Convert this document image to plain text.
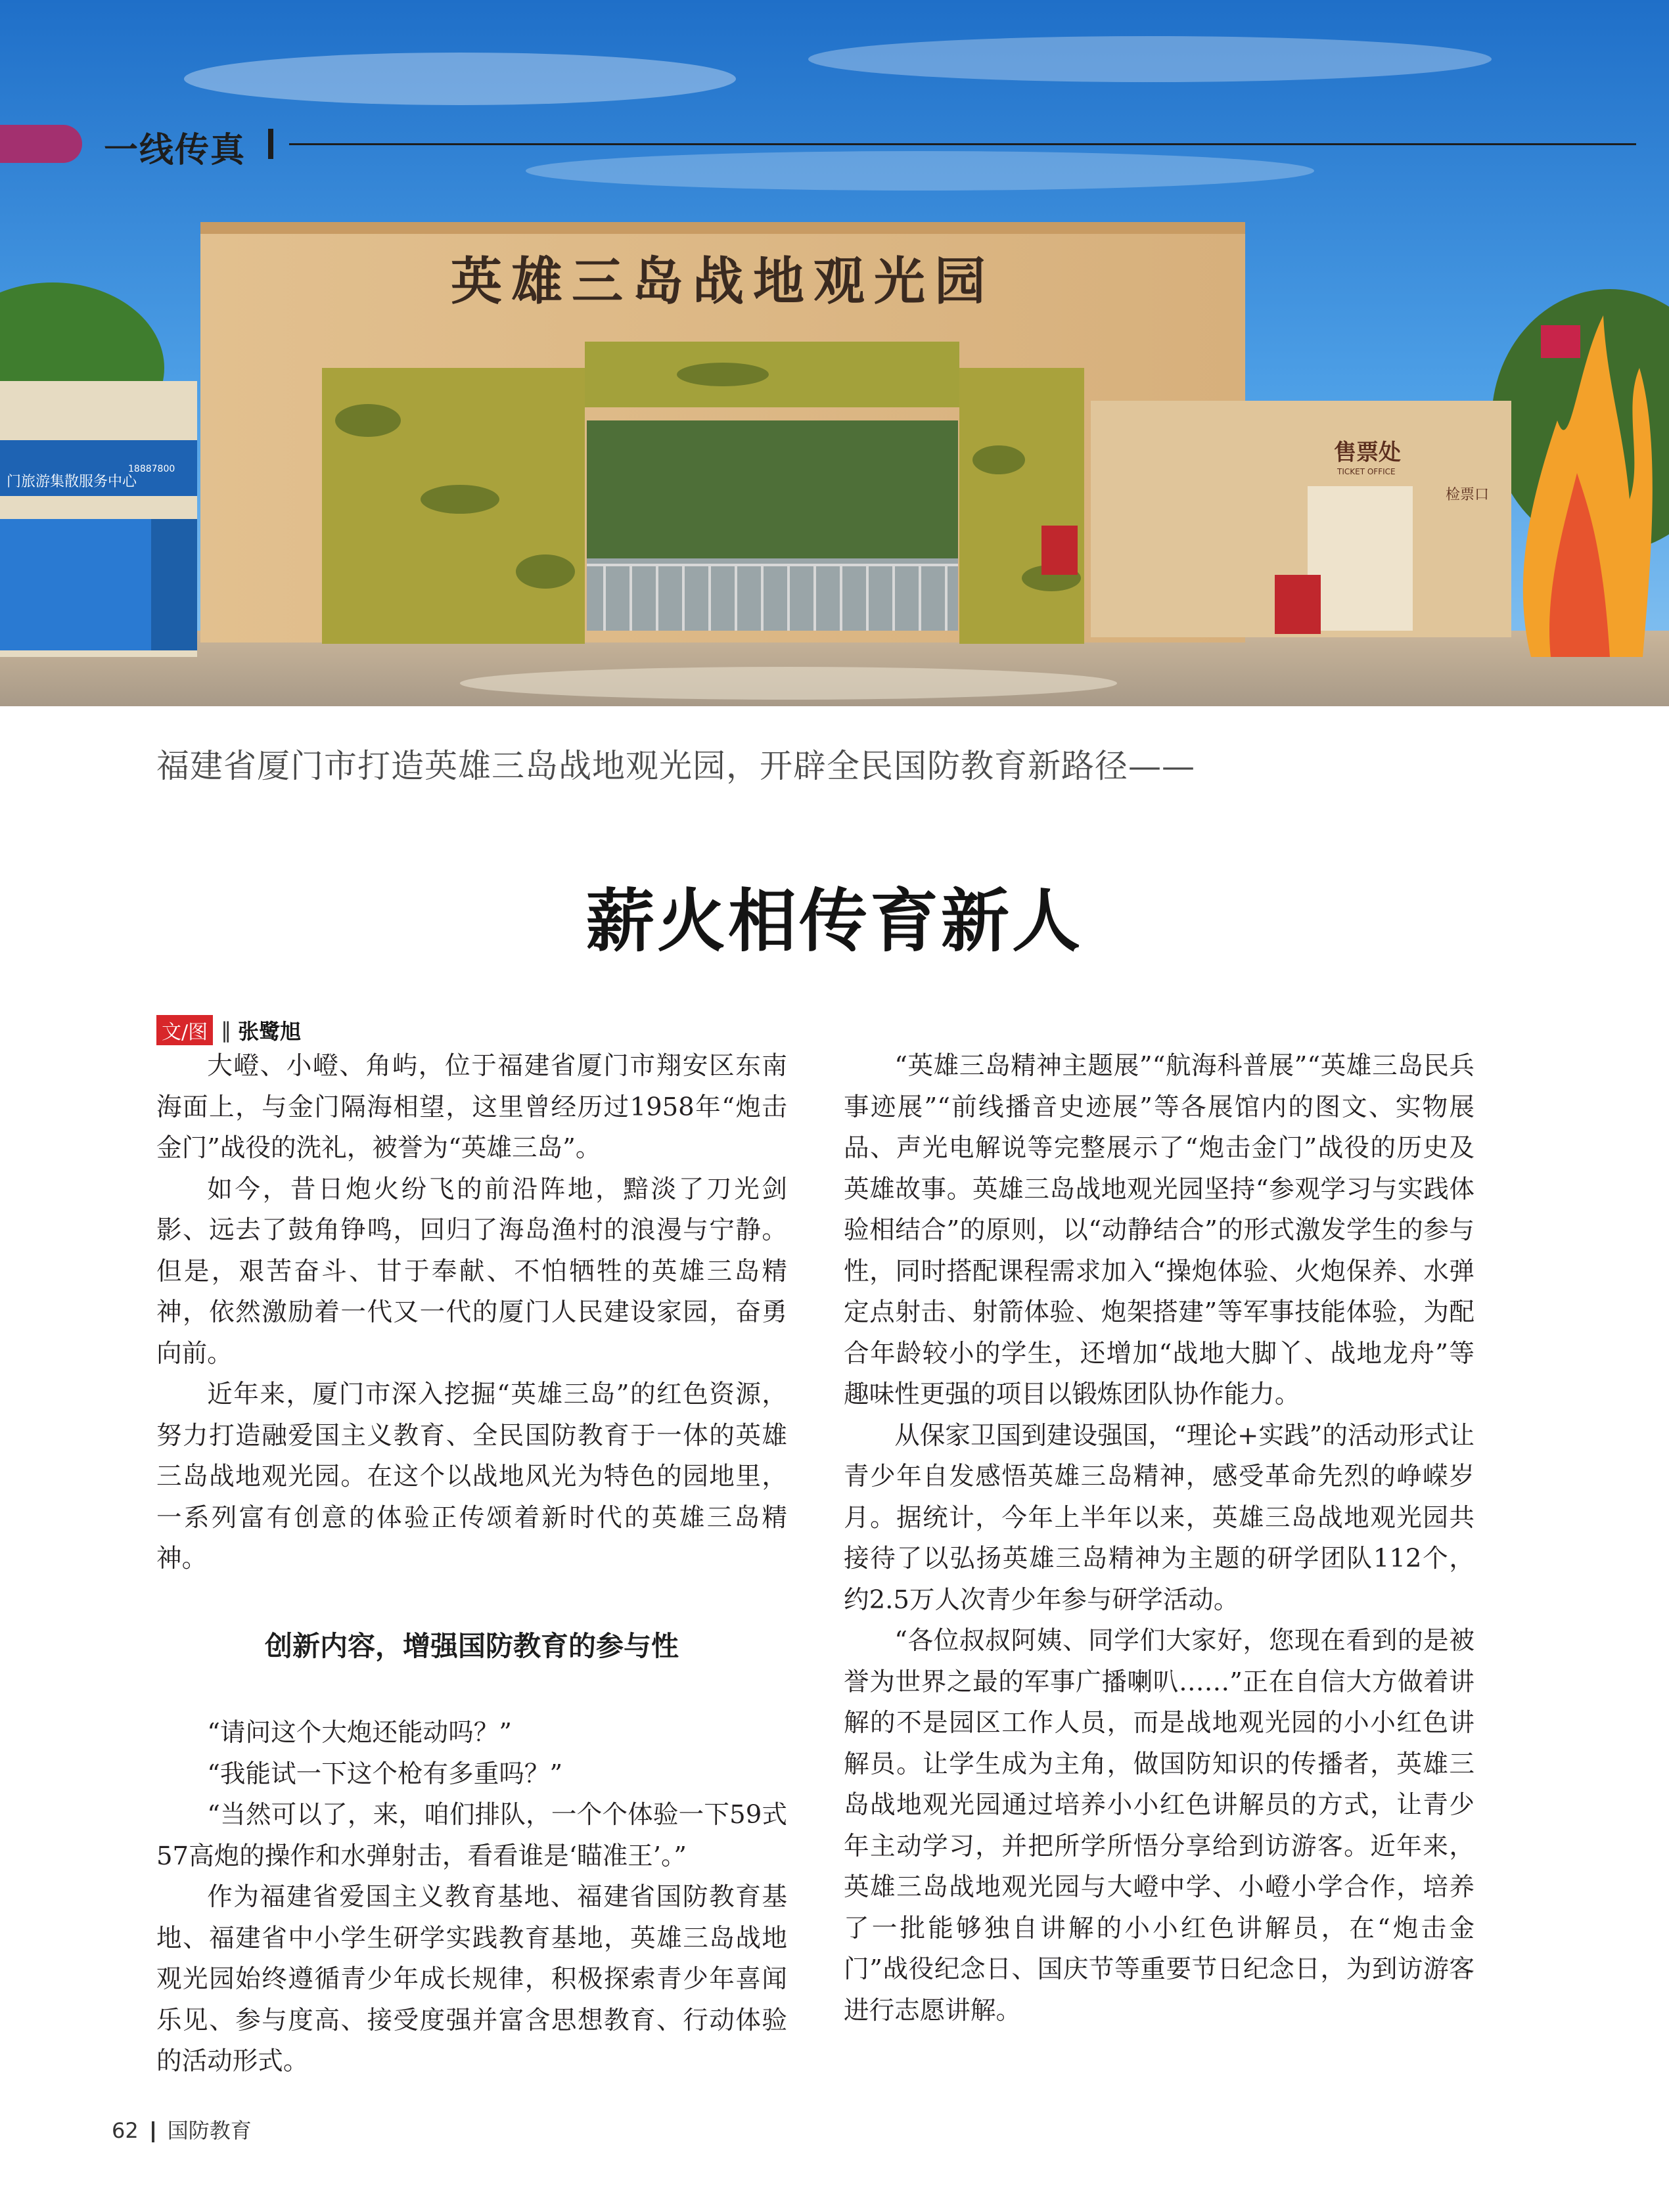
门旅游集散服务中心
18887800
英雄三岛战地观光园
售票处
TICKET OFFICE
检票口
一线传真
福建省厦门市打造英雄三岛战地观光园，开辟全民国防教育新路径——
薪火相传育新人
文/图 ‖ 张鹭旭

大嶝、小嶝、角屿，位于福建省厦门市翔安区东南海面上，与金门隔海相望，这里曾经历过1958年“炮击金门”战役的洗礼，被誉为“英雄三岛”。

如今，昔日炮火纷飞的前沿阵地，黯淡了刀光剑影、远去了鼓角铮鸣，回归了海岛渔村的浪漫与宁静。但是，艰苦奋斗、甘于奉献、不怕牺牲的英雄三岛精神，依然激励着一代又一代的厦门人民建设家园，奋勇向前。

近年来，厦门市深入挖掘“英雄三岛”的红色资源，努力打造融爱国主义教育、全民国防教育于一体的英雄三岛战地观光园。在这个以战地风光为特色的园地里，一系列富有创意的体验正传颂着新时代的英雄三岛精神。

创新内容，增强国防教育的参与性

“请问这个大炮还能动吗？”

“我能试一下这个枪有多重吗？”

“当然可以了，来，咱们排队，一个个体验一下59式57高炮的操作和水弹射击，看看谁是‘瞄准王’。”

作为福建省爱国主义教育基地、福建省国防教育基地、福建省中小学生研学实践教育基地，英雄三岛战地观光园始终遵循青少年成长规律，积极探索青少年喜闻乐见、参与度高、接受度强并富含思想教育、行动体验的活动形式。

“英雄三岛精神主题展”“航海科普展”“英雄三岛民兵事迹展”“前线播音史迹展”等各展馆内的图文、实物展品、声光电解说等完整展示了“炮击金门”战役的历史及英雄故事。英雄三岛战地观光园坚持“参观学习与实践体验相结合”的原则，以“动静结合”的形式激发学生的参与性，同时搭配课程需求加入“操炮体验、火炮保养、水弹定点射击、射箭体验、炮架搭建”等军事技能体验，为配合年龄较小的学生，还增加“战地大脚丫、战地龙舟”等趣味性更强的项目以锻炼团队协作能力。

从保家卫国到建设强国，“理论+实践”的活动形式让青少年自发感悟英雄三岛精神，感受革命先烈的峥嵘岁月。据统计，今年上半年以来，英雄三岛战地观光园共接待了以弘扬英雄三岛精神为主题的研学团队112个，约2.5万人次青少年参与研学活动。

“各位叔叔阿姨、同学们大家好，您现在看到的是被誉为世界之最的军事广播喇叭……”正在自信大方做着讲解的不是园区工作人员，而是战地观光园的小小红色讲解员。让学生成为主角，做国防知识的传播者，英雄三岛战地观光园通过培养小小红色讲解员的方式，让青少年主动学习，并把所学所悟分享给到访游客。近年来，英雄三岛战地观光园与大嶝中学、小嶝小学合作，培养了一批能够独自讲解的小小红色讲解员，在“炮击金门”战役纪念日、国庆节等重要节日纪念日，为到访游客进行志愿讲解。

62 国防教育
